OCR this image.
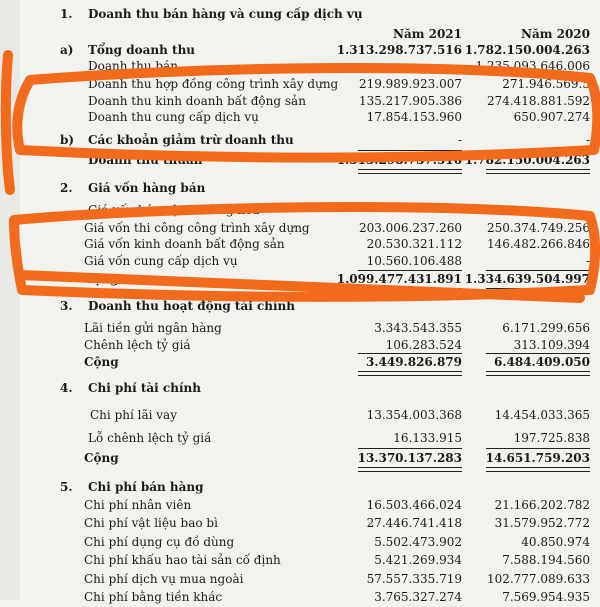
1. Doanh thu bán hàng và cung cấp dịch vụ
Năm 2021	Năm 2020
a) Tổng doanh thu	1.313.298.737.516 1.782.150.004.263
Doanh thu bán	1.235.093.646.006
Doanh thu hợp đồng công trình xây dựng	219.989.923.007	271.946.569.5
Doanh thu kinh doanh bất động sản	135.217.905.386	274.418.881.592
Doanh thu cung cấp dịch vụ	17.854.153.960	650.907.274
b) Các khoản giảm trừ doanh thu	-	-
Doanh thu thuần	1.313.298.737.516 1.782.150.004.263
2. Giá vốn hàng bán
Giá vốn bán vật tư hàng hóa
Giá vốn thi công công trình xây dựng	203.006.237.260	250.374.749.256
Giá vốn kinh doanh bất động sản	20.530.321.112	146.482.266.846
Giá vốn cung cấp dịch vụ	10.560.106.488	-
Cộng	1.099.477.431.891 1.334.639.504.997
3. Doanh thu hoạt động tài chính
Lãi tiền gửi ngân hàng	3.343.543.355	6.171.299.656
Chênh lệch tỷ giá	106.283.524	313.109.394
Cộng	3.449.826.879	6.484.409.050
4. Chi phí tài chính
Chi phí lãi vay	13.354.003.368	14.454.033.365
Lỗ chênh lệch tỷ giá	16.133.915	197.725.838
Cộng	13.370.137.283	14.651.759.203
5. Chi phí bán hàng
Chi phí nhân viên	16.503.466.024	21.166.202.782
Chi phí vật liệu bao bì	27.446.741.418	31.579.952.772
Chi phí dụng cụ đồ dùng	5.502.473.902	40.850.974
Chi phí khấu hao tài sản cố định	5.421.269.934	7.588.194.560
Chi phí dịch vụ mua ngoài	57.557.335.719	102.777.089.633
Chi phí bằng tiền khác	3.765.327.274	7.569.954.935
